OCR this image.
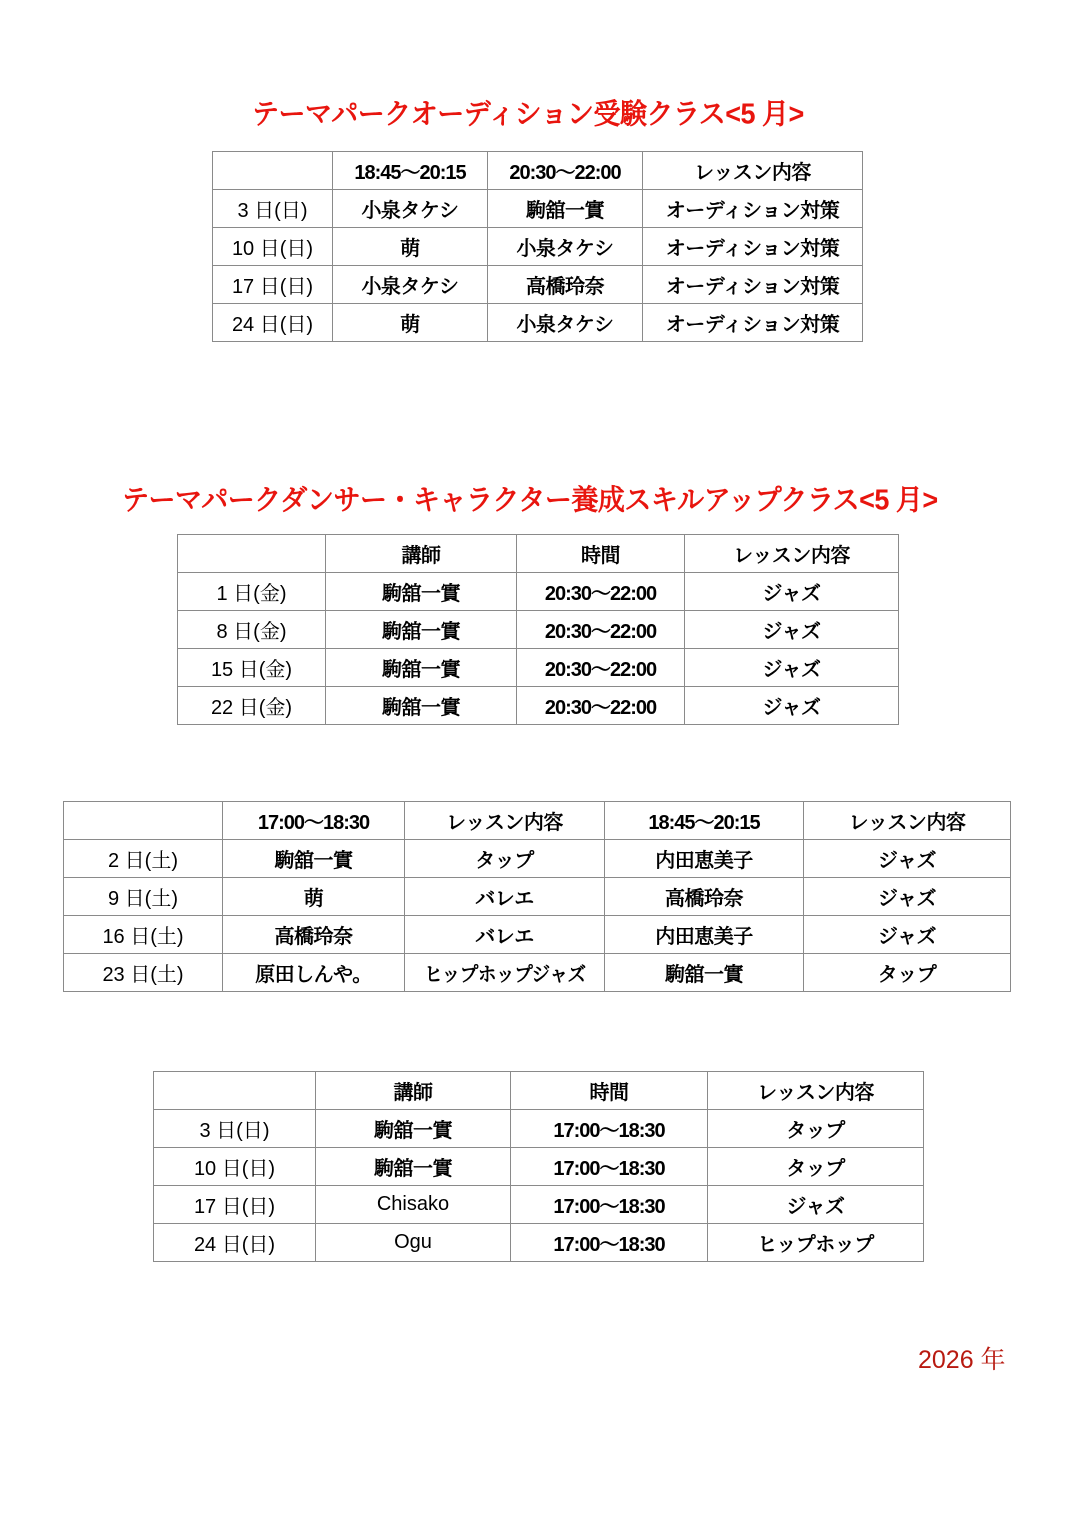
テーマパークオーディション受験クラス<5 月>
	18:45～20:15	20:30～22:00	レッスン内容
3 日(日)	小泉タケシ	駒舘一實	オーディション対策
10 日(日)	萌	小泉タケシ	オーディション対策
17 日(日)	小泉タケシ	高橋玲奈	オーディション対策
24 日(日)	萌	小泉タケシ	オーディション対策
テーマパークダンサー・キャラクター養成スキルアップクラス<5 月>
	講師	時間	レッスン内容
1 日(金)	駒舘一實	20:30～22:00	ジャズ
8 日(金)	駒舘一實	20:30～22:00	ジャズ
15 日(金)	駒舘一實	20:30～22:00	ジャズ
22 日(金)	駒舘一實	20:30～22:00	ジャズ
	17:00～18:30	レッスン内容	18:45～20:15	レッスン内容
2 日(土)	駒舘一實	タップ	内田恵美子	ジャズ
9 日(土)	萌	バレエ	高橋玲奈	ジャズ
16 日(土)	高橋玲奈	バレエ	内田恵美子	ジャズ
23 日(土)	原田しんや。	ヒップホップジャズ	駒舘一實	タップ
	講師	時間	レッスン内容
3 日(日)	駒舘一實	17:00～18:30	タップ
10 日(日)	駒舘一實	17:00～18:30	タップ
17 日(日)	Chisako	17:00～18:30	ジャズ
24 日(日)	Ogu	17:00～18:30	ヒップホップ
2026 年
